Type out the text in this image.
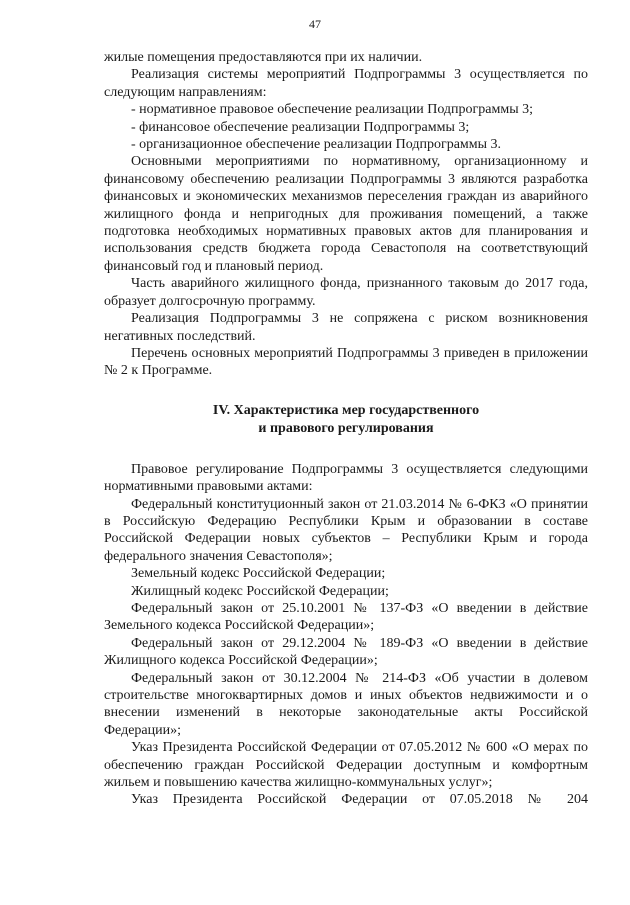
47

жилые помещения предоставляются при их наличии.

Реализация системы мероприятий Подпрограммы 3 осуществляется по следующим направлениям:

- нормативное правовое обеспечение реализации Подпрограммы 3;

- финансовое обеспечение реализации Подпрограммы 3;

- организационное обеспечение реализации Подпрограммы 3.

Основными мероприятиями по нормативному, организационному и финансовому обеспечению реализации Подпрограммы 3 являются разработка финансовых и экономических механизмов переселения граждан из аварийного жилищного фонда и непригодных для проживания помещений, а также подготовка необходимых нормативных правовых актов для планирования и использования средств бюджета города Севастополя на соответствующий финансовый год и плановый период.

Часть аварийного жилищного фонда, признанного таковым до 2017 года, образует долгосрочную программу.

Реализация Подпрограммы 3 не сопряжена с риском возникновения негативных последствий.

Перечень основных мероприятий Подпрограммы 3 приведен в приложении № 2 к Программе.

IV. Характеристика мер государственного
и правового регулирования

Правовое регулирование Подпрограммы 3 осуществляется следующими нормативными правовыми актами:

Федеральный конституционный закон от 21.03.2014 № 6-ФКЗ «О принятии в Российскую Федерацию Республики Крым и образовании в составе Российской Федерации новых субъектов – Республики Крым и города федерального значения Севастополя»;

Земельный кодекс Российской Федерации;

Жилищный кодекс Российской Федерации;

Федеральный закон от 25.10.2001 № 137-ФЗ «О введении в действие Земельного кодекса Российской Федерации»;

Федеральный закон от 29.12.2004 № 189-ФЗ «О введении в действие Жилищного кодекса Российской Федерации»;

Федеральный закон от 30.12.2004 № 214-ФЗ «Об участии в долевом строительстве многоквартирных домов и иных объектов недвижимости и о внесении изменений в некоторые законодательные акты Российской Федерации»;

Указ Президента Российской Федерации от 07.05.2012 № 600 «О мерах по обеспечению граждан Российской Федерации доступным и комфортным жильем и повышению качества жилищно-коммунальных услуг»;

Указ Президента Российской Федерации от 07.05.2018 № 204
